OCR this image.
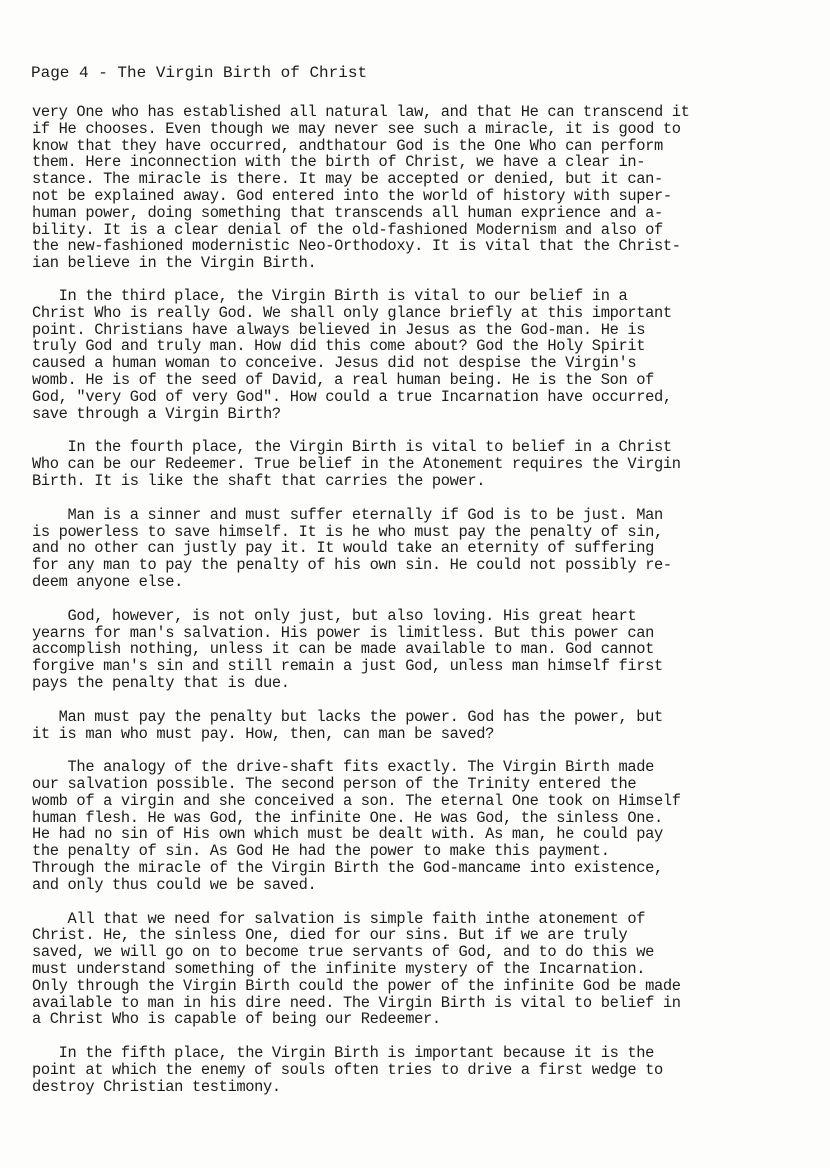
Page 4 - The Virgin Birth of Christ
very One who has established all natural law, and that He can transcend it
if He chooses. Even though we may never see such a miracle, it is good to
know that they have occurred, andthatour God is the One Who can perform
them. Here inconnection with the birth of Christ, we have a clear in-
stance. The miracle is there. It may be accepted or denied, but it can-
not be explained away. God entered into the world of history with super-
human power, doing something that transcends all human exprience and a-
bility. It is a clear denial of the old-fashioned Modernism and also of
the new-fashioned modernistic Neo-Orthodoxy. It is vital that the Christ-
ian believe in the Virgin Birth.
In the third place, the Virgin Birth is vital to our belief in a
Christ Who is really God. We shall only glance briefly at this important
point. Christians have always believed in Jesus as the God-man. He is
truly God and truly man. How did this come about? God the Holy Spirit
caused a human woman to conceive. Jesus did not despise the Virgin's
womb. He is of the seed of David, a real human being. He is the Son of
God, "very God of very God". How could a true Incarnation have occurred,
save through a Virgin Birth?
In the fourth place, the Virgin Birth is vital to belief in a Christ
Who can be our Redeemer. True belief in the Atonement requires the Virgin
Birth. It is like the shaft that carries the power.
Man is a sinner and must suffer eternally if God is to be just. Man
is powerless to save himself. It is he who must pay the penalty of sin,
and no other can justly pay it. It would take an eternity of suffering
for any man to pay the penalty of his own sin. He could not possibly re-
deem anyone else.
God, however, is not only just, but also loving. His great heart
yearns for man's salvation. His power is limitless. But this power can
accomplish nothing, unless it can be made available to man. God cannot
forgive man's sin and still remain a just God, unless man himself first
pays the penalty that is due.
Man must pay the penalty but lacks the power. God has the power, but
it is man who must pay. How, then, can man be saved?
The analogy of the drive-shaft fits exactly. The Virgin Birth made
our salvation possible. The second person of the Trinity entered the
womb of a virgin and she conceived a son. The eternal One took on Himself
human flesh. He was God, the infinite One. He was God, the sinless One.
He had no sin of His own which must be dealt with. As man, he could pay
the penalty of sin. As God He had the power to make this payment.
Through the miracle of the Virgin Birth the God-mancame into existence,
and only thus could we be saved.
All that we need for salvation is simple faith inthe atonement of
Christ. He, the sinless One, died for our sins. But if we are truly
saved, we will go on to become true servants of God, and to do this we
must understand something of the infinite mystery of the Incarnation.
Only through the Virgin Birth could the power of the infinite God be made
available to man in his dire need. The Virgin Birth is vital to belief in
a Christ Who is capable of being our Redeemer.
In the fifth place, the Virgin Birth is important because it is the
point at which the enemy of souls often tries to drive a first wedge to
destroy Christian testimony.
